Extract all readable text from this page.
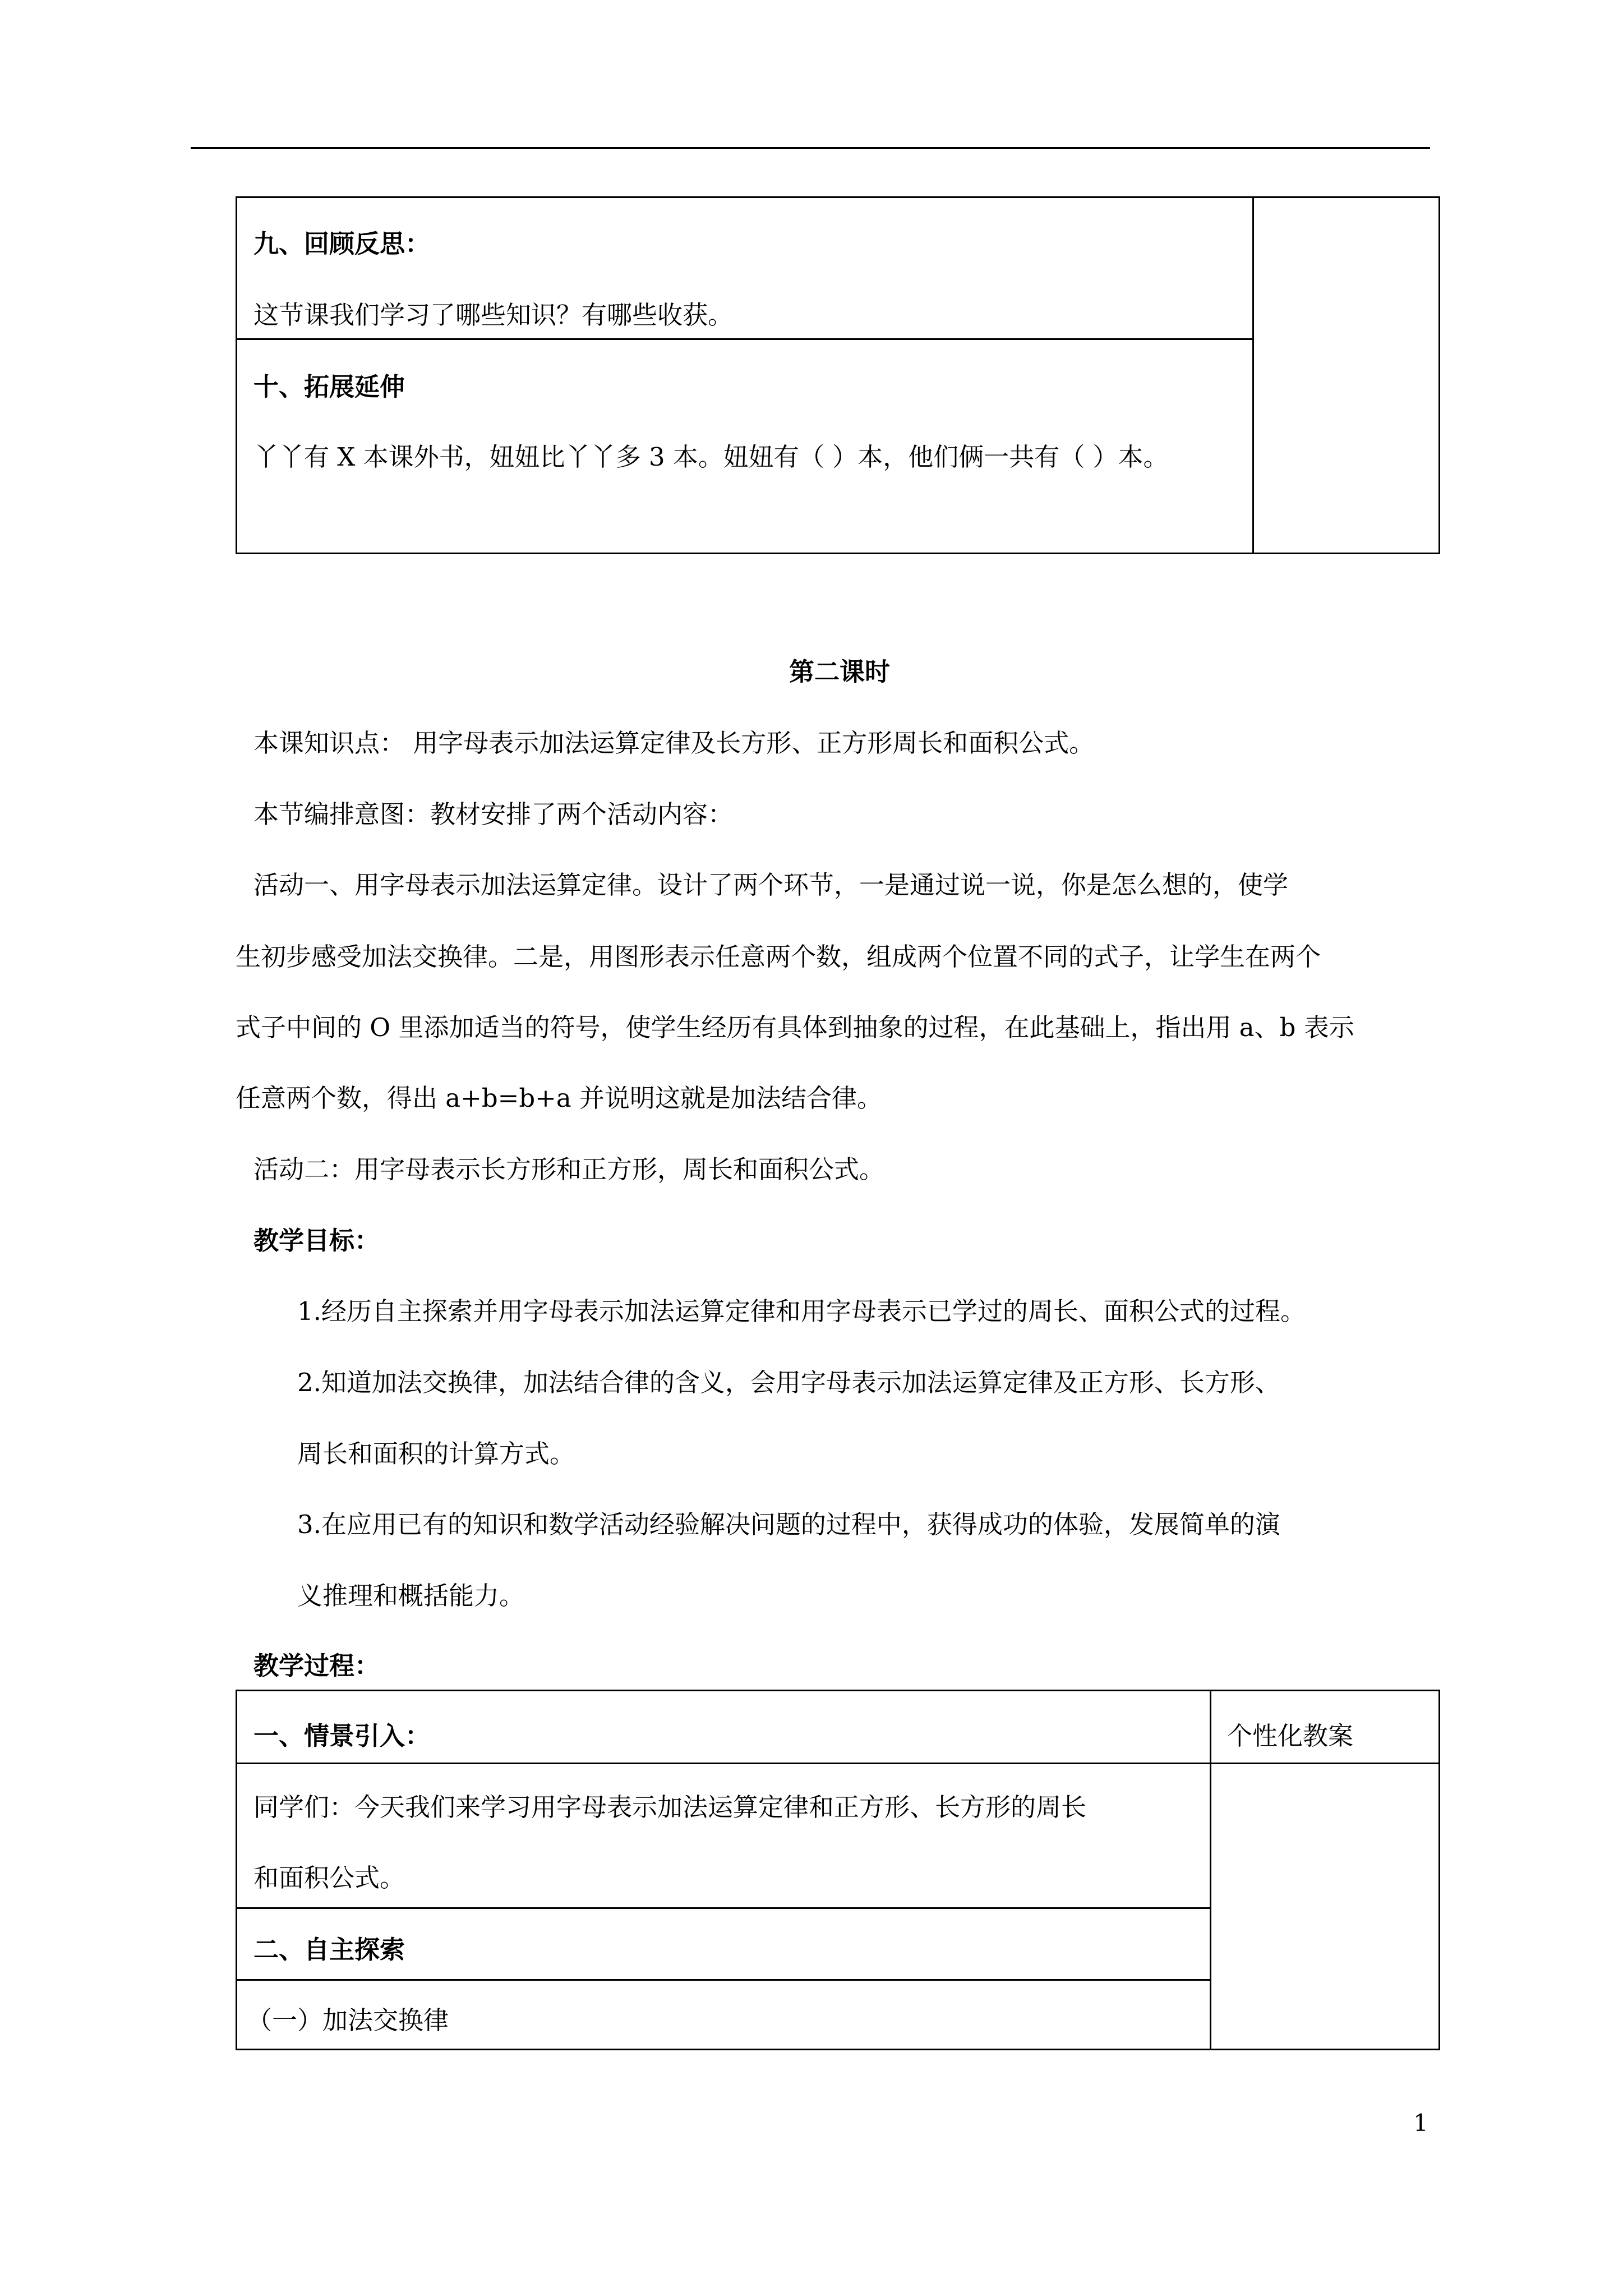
九、回顾反思：
这节课我们学习了哪些知识？有哪些收获。
十、拓展延伸
丫丫有 X 本课外书，妞妞比丫丫多 3 本。妞妞有（ ）本，他们俩一共有（ ）本。
第二课时
本课知识点： 用字母表示加法运算定律及长方形、正方形周长和面积公式。
本节编排意图：教材安排了两个活动内容：
活动一、用字母表示加法运算定律。设计了两个环节，一是通过说一说，你是怎么想的，使学
生初步感受加法交换律。二是，用图形表示任意两个数，组成两个位置不同的式子，让学生在两个
式子中间的 O 里添加适当的符号，使学生经历有具体到抽象的过程，在此基础上，指出用 a、b 表示
任意两个数，得出 a+b=b+a 并说明这就是加法结合律。
活动二：用字母表示长方形和正方形，周长和面积公式。
教学目标：
1.经历自主探索并用字母表示加法运算定律和用字母表示已学过的周长、面积公式的过程。
2.知道加法交换律，加法结合律的含义，会用字母表示加法运算定律及正方形、长方形、
周长和面积的计算方式。
3.在应用已有的知识和数学活动经验解决问题的过程中，获得成功的体验，发展简单的演
义推理和概括能力。
教学过程：
一、情景引入：	个性化教案
同学们：今天我们来学习用字母表示加法运算定律和正方形、长方形的周长
和面积公式。
二、自主探索
（一）加法交换律
1
